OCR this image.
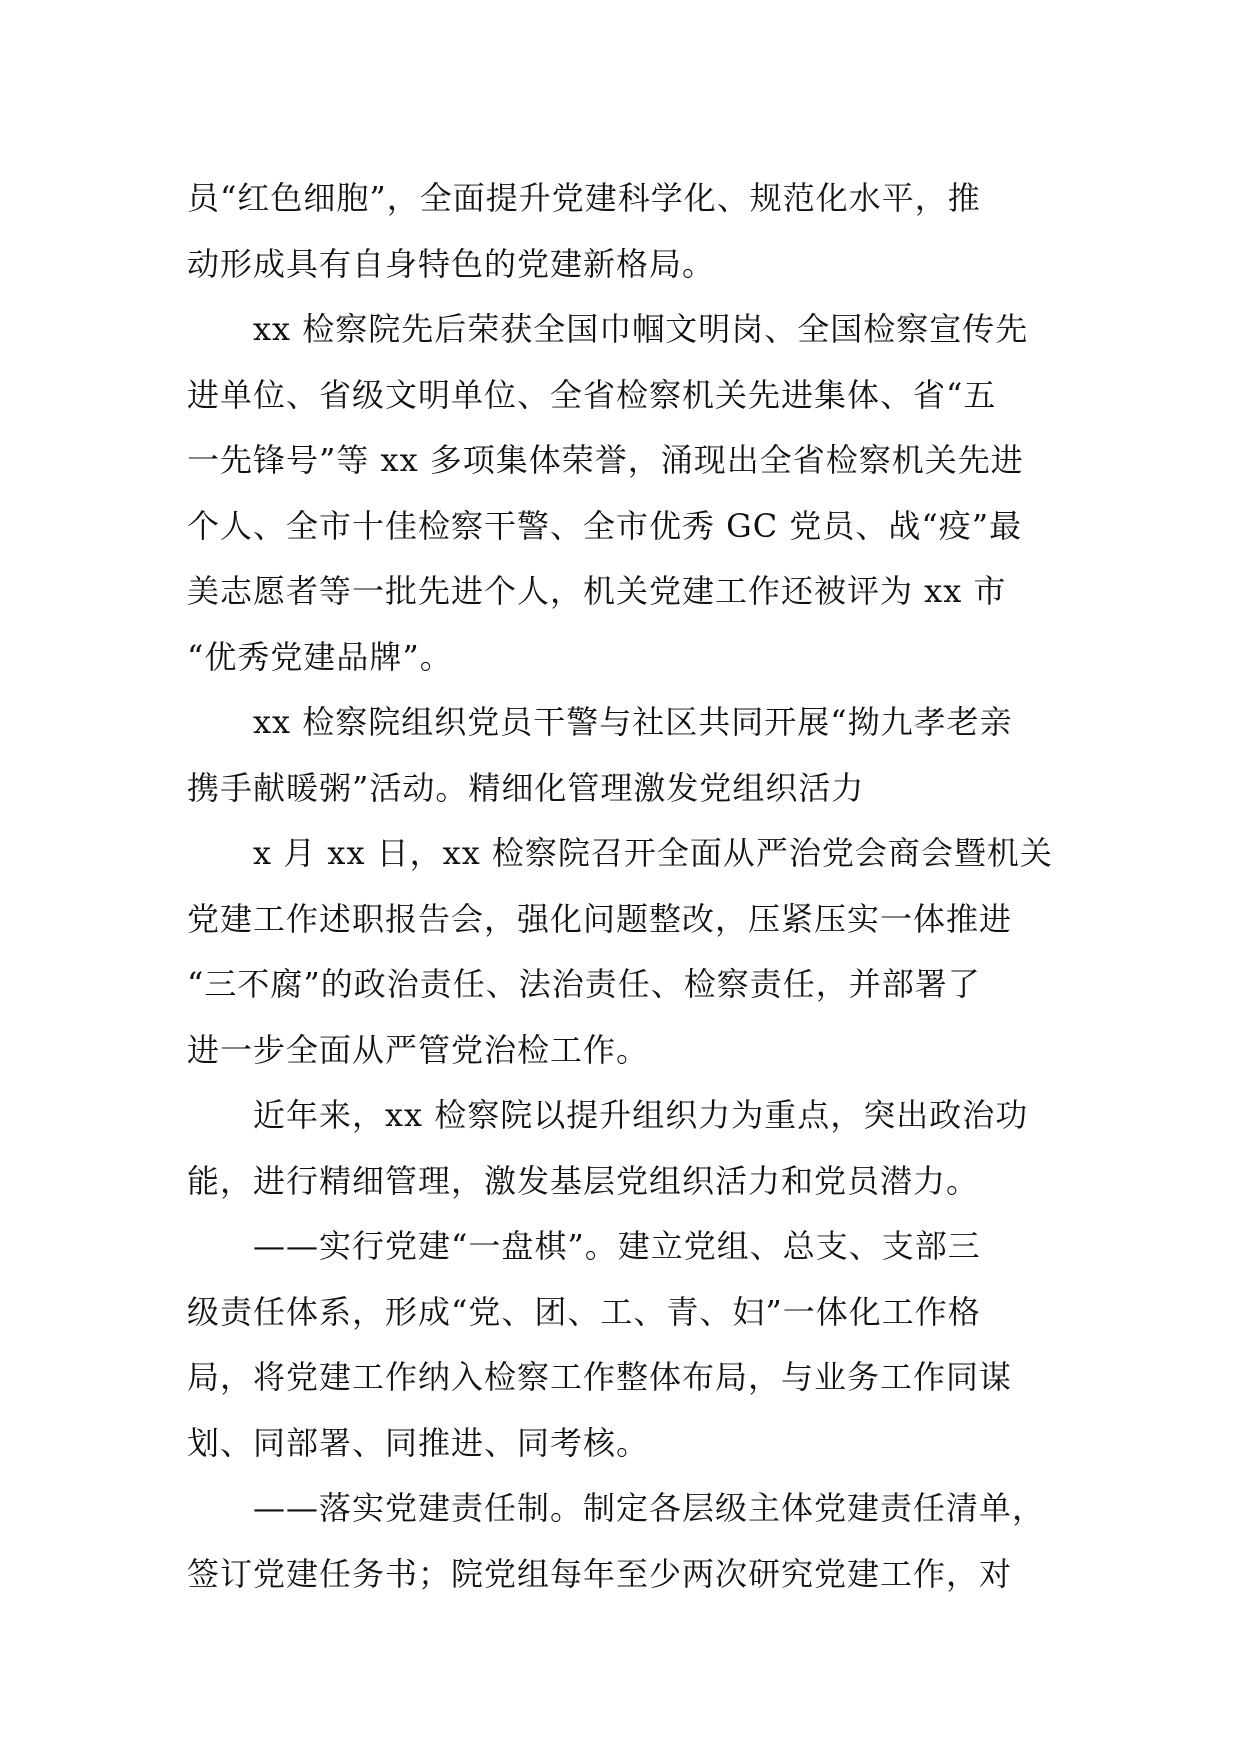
员“红色细胞”，全面提升党建科学化、规范化水平，推
动形成具有自身特色的党建新格局。
xx 检察院先后荣获全国巾帼文明岗、全国检察宣传先
进单位、省级文明单位、全省检察机关先进集体、省“五
一先锋号”等 xx 多项集体荣誉，涌现出全省检察机关先进
个人、全市十佳检察干警、全市优秀 GC 党员、战“疫”最
美志愿者等一批先进个人，机关党建工作还被评为 xx 市
“优秀党建品牌”。
xx 检察院组织党员干警与社区共同开展“拗九孝老亲
携手献暖粥”活动。精细化管理激发党组织活力
x 月 xx 日，xx 检察院召开全面从严治党会商会暨机关
党建工作述职报告会，强化问题整改，压紧压实一体推进
“三不腐”的政治责任、法治责任、检察责任，并部署了
进一步全面从严管党治检工作。
近年来，xx 检察院以提升组织力为重点，突出政治功
能，进行精细管理，激发基层党组织活力和党员潜力。
——实行党建“一盘棋”。建立党组、总支、支部三
级责任体系，形成“党、团、工、青、妇”一体化工作格
局，将党建工作纳入检察工作整体布局，与业务工作同谋
划、同部署、同推进、同考核。
——落实党建责任制。制定各层级主体党建责任清单，
签订党建任务书；院党组每年至少两次研究党建工作，对
